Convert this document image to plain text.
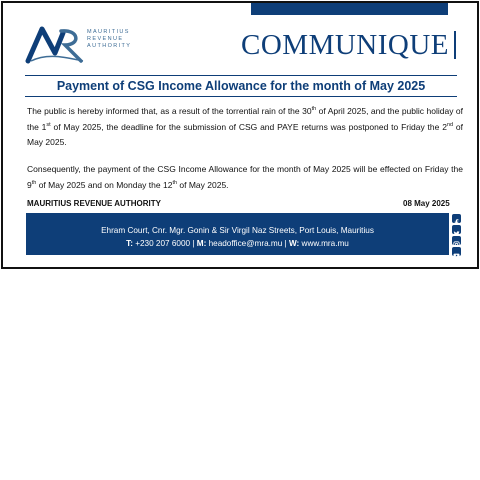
MAURITIUS
REVENUE
AUTHORITY	COMMUNIQUE
Payment of CSG Income Allowance for the month of May 2025
The public is hereby informed that, as a result of the torrential rain of the 30th of April 2025, and the public holiday of the 1st of May 2025, the deadline for the submission of CSG and PAYE returns was postponed to Friday the 2nd of May 2025.
Consequently, the payment of the CSG Income Allowance for the month of May 2025 will be effected on Friday the 9th of May 2025 and on Monday the 12th of May 2025.
MAURITIUS REVENUE AUTHORITY	08 May 2025
Ehram Court, Cnr. Mgr. Gonin & Sir Virgil Naz Streets, Port Louis, Mauritius
T: +230 207 6000 | M: headoffice@mra.mu | W: www.mra.mu
